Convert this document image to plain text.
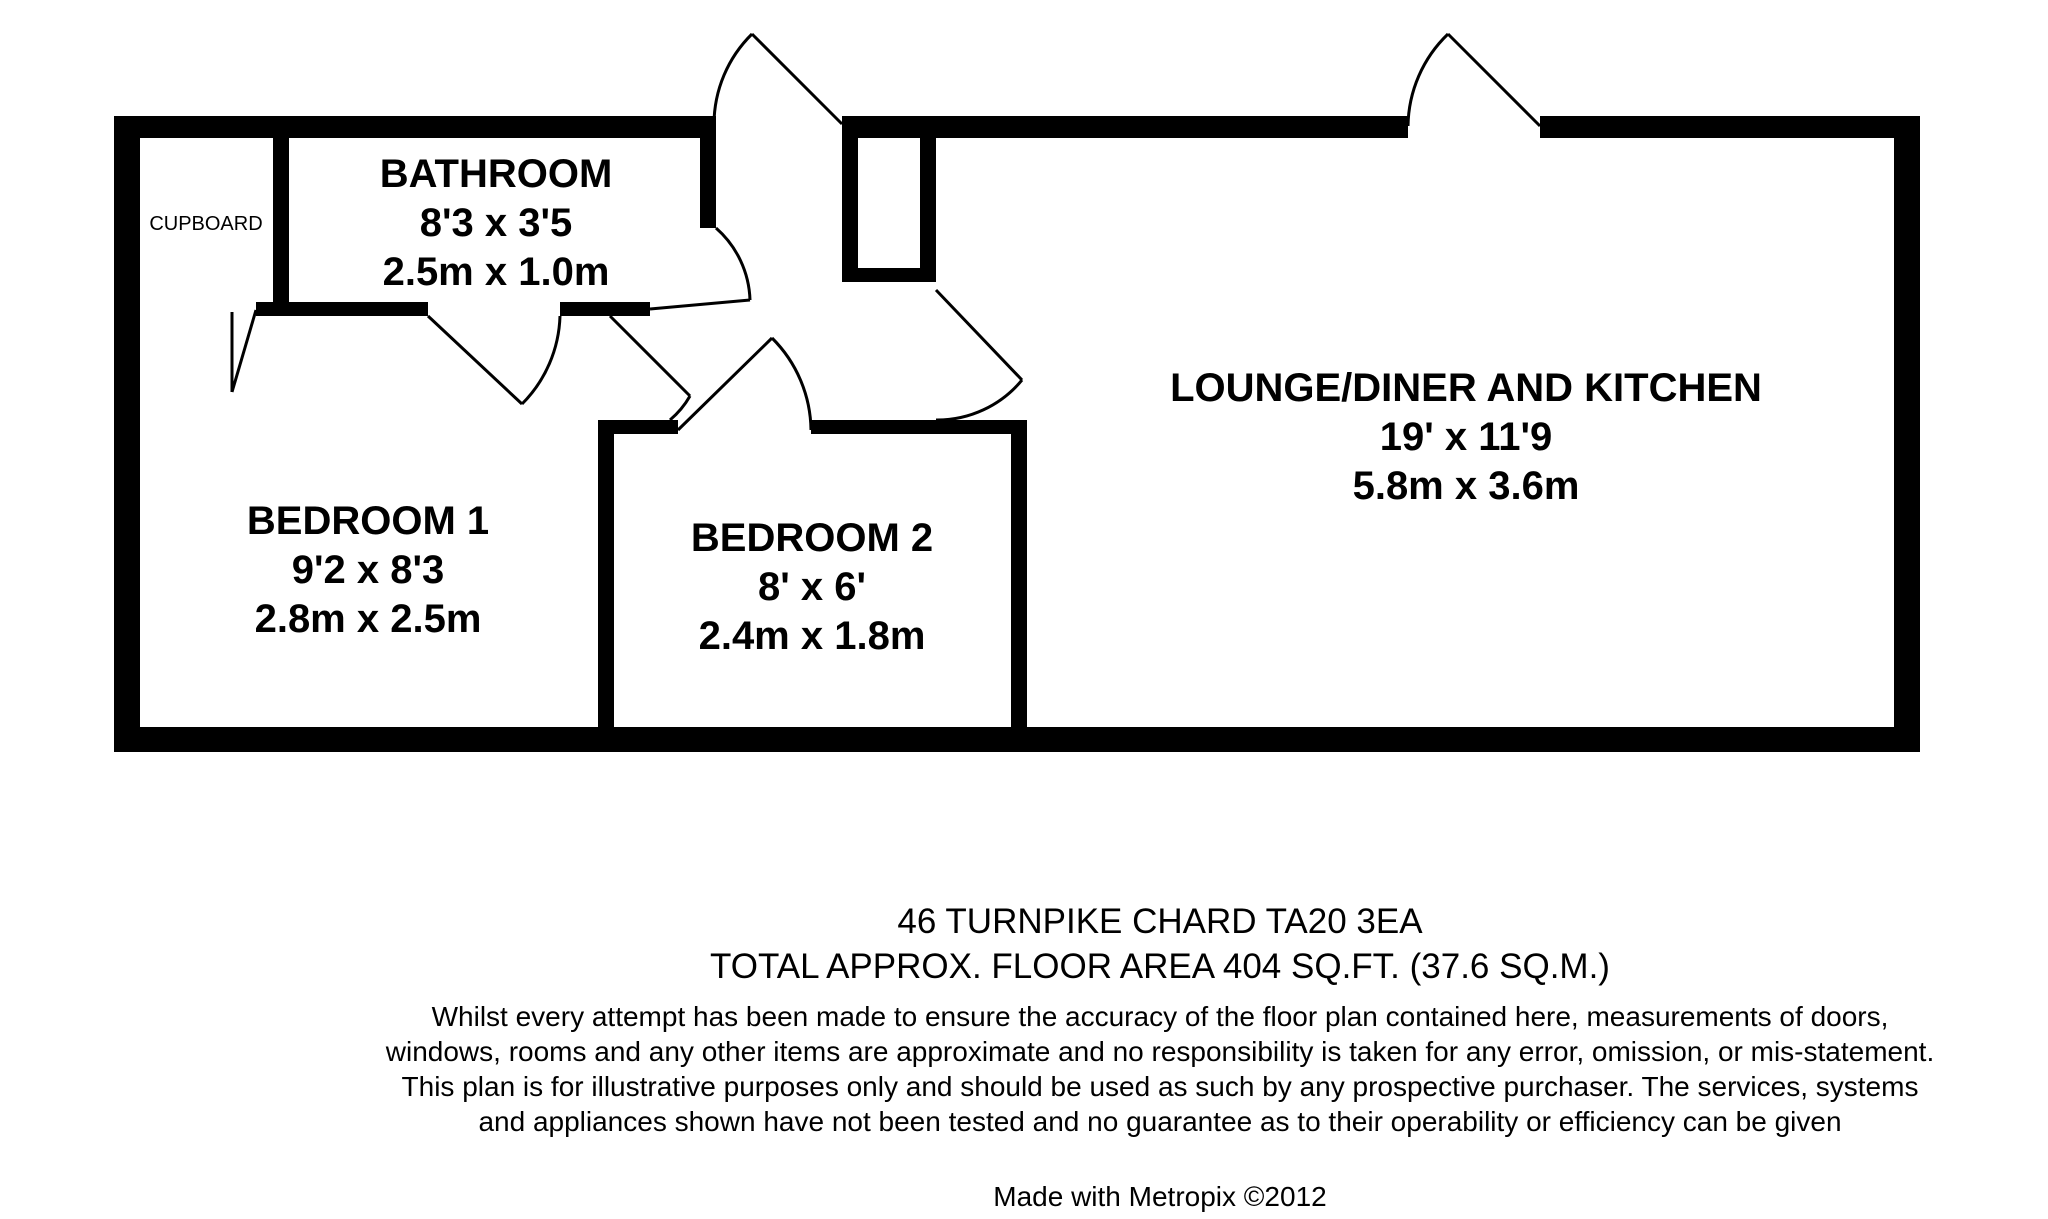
CUPBOARD
BATHROOM
8'3 x 3'5
2.5m x 1.0m
BEDROOM 1
9'2 x 8'3
2.8m x 2.5m
BEDROOM 2
8' x 6'
2.4m x 1.8m
LOUNGE/DINER AND KITCHEN
19' x 11'9
5.8m x 3.6m
46 TURNPIKE CHARD TA20 3EA
TOTAL APPROX. FLOOR AREA 404 SQ.FT. (37.6 SQ.M.)
Whilst every attempt has been made to ensure the accuracy of the floor plan contained here, measurements of doors, windows, rooms and any other items are approximate and no responsibility is taken for any error, omission, or mis-statement. This plan is for illustrative purposes only and should be used as such by any prospective purchaser. The services, systems and appliances shown have not been tested and no guarantee as to their operability or efficiency can be given
Made with Metropix ©2012
